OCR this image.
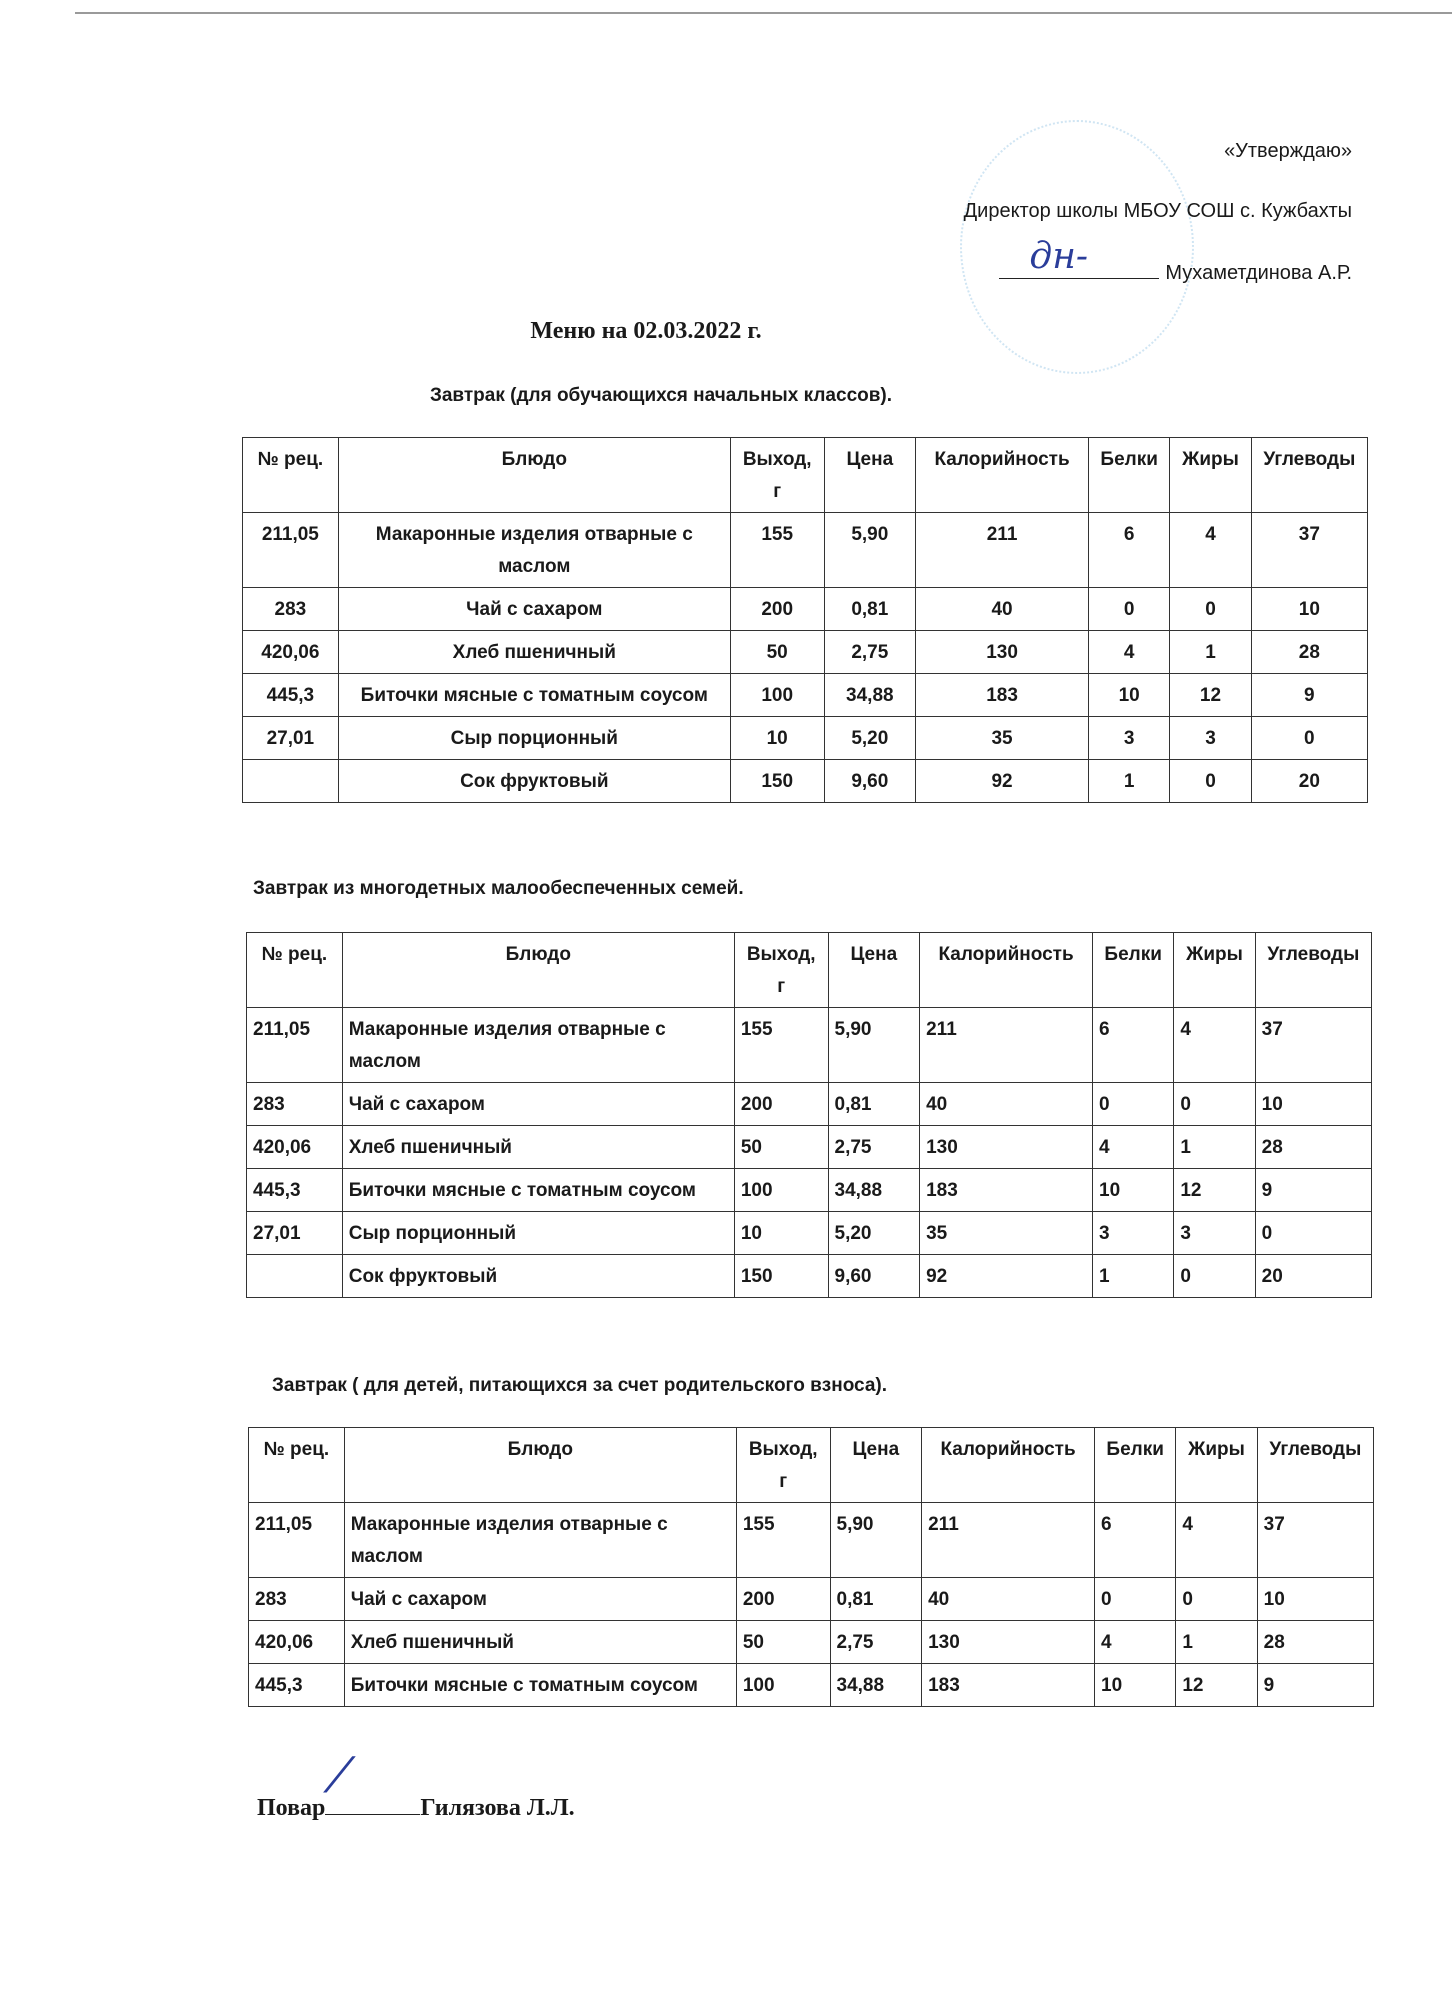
«Утверждаю»
Директор школы МБОУ СОШ с. Кужбахты
дн-	Мухаметдинова А.Р.
Меню на 02.03.2022 г.
Завтрак (для обучающихся начальных классов).
№ рец.	Блюдо	Выход, г	Цена	Калорийность	Белки	Жиры	Углеводы
211,05	Макаронные изделия отварные с маслом	155	5,90	211	6	4	37
283	Чай с сахаром	200	0,81	40	0	0	10
420,06	Хлеб пшеничный	50	2,75	130	4	1	28
445,3	Биточки мясные с томатным соусом	100	34,88	183	10	12	9
27,01	Сыр порционный	10	5,20	35	3	3	0
	Сок фруктовый	150	9,60	92	1	0	20
Завтрак из многодетных малообеспеченных семей.
№ рец.	Блюдо	Выход, г	Цена	Калорийность	Белки	Жиры	Углеводы
211,05	Макаронные изделия отварные с маслом	155	5,90	211	6	4	37
283	Чай с сахаром	200	0,81	40	0	0	10
420,06	Хлеб пшеничный	50	2,75	130	4	1	28
445,3	Биточки мясные с томатным соусом	100	34,88	183	10	12	9
27,01	Сыр порционный	10	5,20	35	3	3	0
	Сок фруктовый	150	9,60	92	1	0	20
Завтрак ( для детей, питающихся за счет родительского взноса).
№ рец.	Блюдо	Выход, г	Цена	Калорийность	Белки	Жиры	Углеводы
211,05	Макаронные изделия отварные с маслом	155	5,90	211	6	4	37
283	Чай с сахаром	200	0,81	40	0	0	10
420,06	Хлеб пшеничный	50	2,75	130	4	1	28
445,3	Биточки мясные с томатным соусом	100	34,88	183	10	12	9
Повар
⁄
Гилязова Л.Л.
